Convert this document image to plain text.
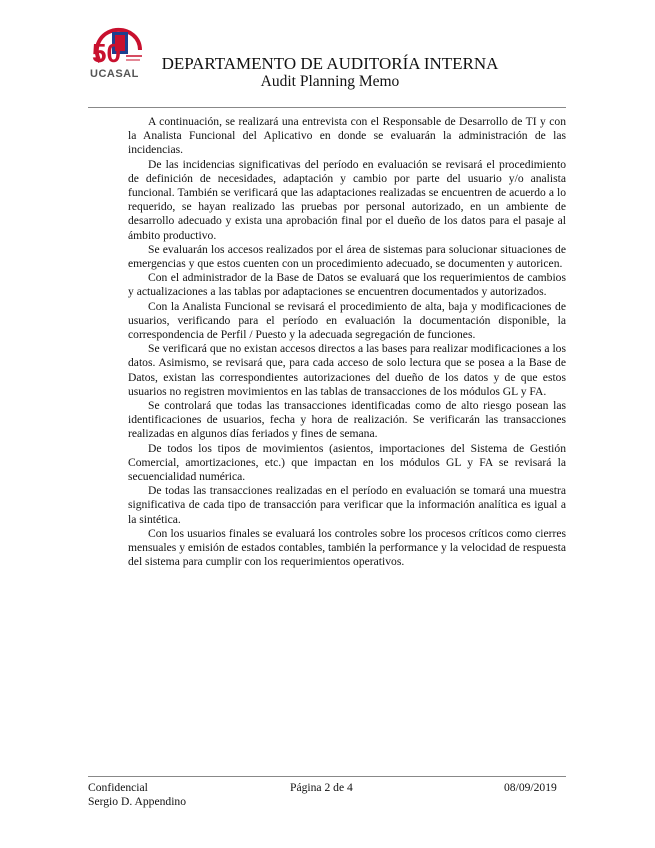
50
UCASAL
DEPARTAMENTO DE AUDITORÍA INTERNA
Audit Planning Memo

A continuación, se realizará una entrevista con el Responsable de Desarrollo de TI y con la Analista Funcional del Aplicativo en donde se evaluarán la administración de las incidencias.

De las incidencias significativas del período en evaluación se revisará el procedimiento de definición de necesidades, adaptación y cambio por parte del usuario y/o analista funcional. También se verificará que las adaptaciones realizadas se encuentren de acuerdo a lo requerido, se hayan realizado las pruebas por personal autorizado, en un ambiente de desarrollo adecuado y exista una aprobación final por el dueño de los datos para el pasaje al ámbito productivo.

Se evaluarán los accesos realizados por el área de sistemas para solucionar situaciones de emergencias y que estos cuenten con un procedimiento adecuado, se documenten y autoricen.

Con el administrador de la Base de Datos se evaluará que los requerimientos de cambios y actualizaciones a las tablas por adaptaciones se encuentren documentados y autorizados.

Con la Analista Funcional se revisará el procedimiento de alta, baja y modificaciones de usuarios, verificando para el período en evaluación la documentación disponible, la correspondencia de Perfil / Puesto y la adecuada segregación de funciones.

Se verificará que no existan accesos directos a las bases para realizar modificaciones a los datos. Asimismo, se revisará que, para cada acceso de solo lectura que se posea a la Base de Datos, existan las correspondientes autorizaciones del dueño de los datos y de que estos usuarios no registren movimientos en las tablas de transacciones de los módulos GL y FA.

Se controlará que todas las transacciones identificadas como de alto riesgo posean las identificaciones de usuarios, fecha y hora de realización. Se verificarán las transacciones realizadas en algunos días feriados y fines de semana.

De todos los tipos de movimientos (asientos, importaciones del Sistema de Gestión Comercial, amortizaciones, etc.) que impactan en los módulos GL y FA se revisará la secuencialidad numérica.

De todas las transacciones realizadas en el período en evaluación se tomará una muestra significativa de cada tipo de transacción para verificar que la información analítica es igual a la sintética.

Con los usuarios finales se evaluará los controles sobre los procesos críticos como cierres mensuales y emisión de estados contables, también la performance y la velocidad de respuesta del sistema para cumplir con los requerimientos operativos.

Confidencial
Sergio D. Appendino
Página 2 de 4	08/09/2019
